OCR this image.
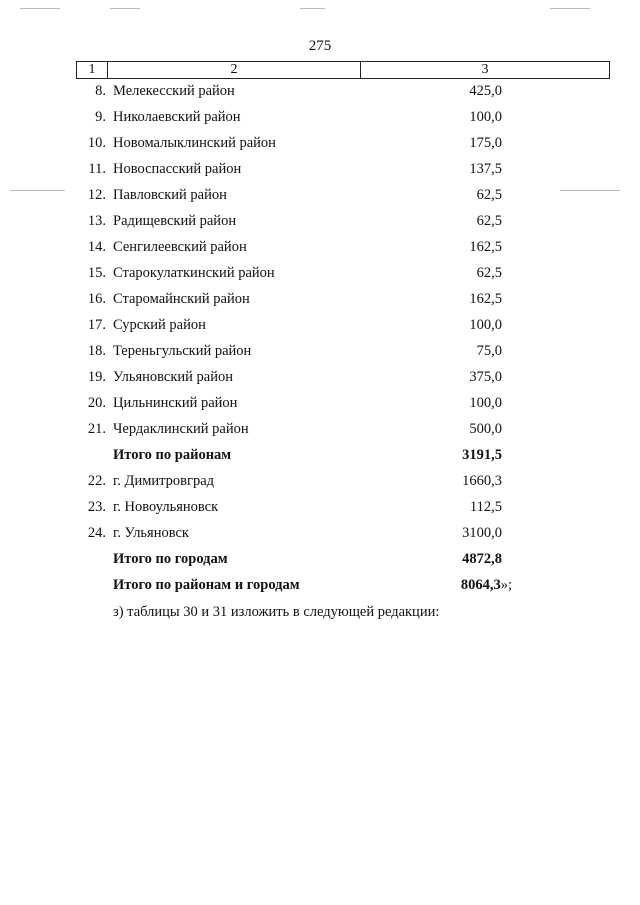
275
1	2	3
8. Мелекесский район	425,0
9. Николаевский район	100,0
10. Новомалыклинский район	175,0
11. Новоспасский район	137,5
12. Павловский район	62,5
13. Радищевский район	62,5
14. Сенгилеевский район	162,5
15. Старокулаткинский район	62,5
16. Старомайнский район	162,5
17. Сурский район	100,0
18. Тереньгульский район	75,0
19. Ульяновский район	375,0
20. Цильнинский район	100,0
21. Чердаклинский район	500,0
Итого по районам	3191,5
22. г. Димитровград	1660,3
23. г. Новоульяновск	112,5
24. г. Ульяновск	3100,0
Итого по городам	4872,8
Итого по районам и городам	8064,3»;
з) таблицы 30 и 31 изложить в следующей редакции:
